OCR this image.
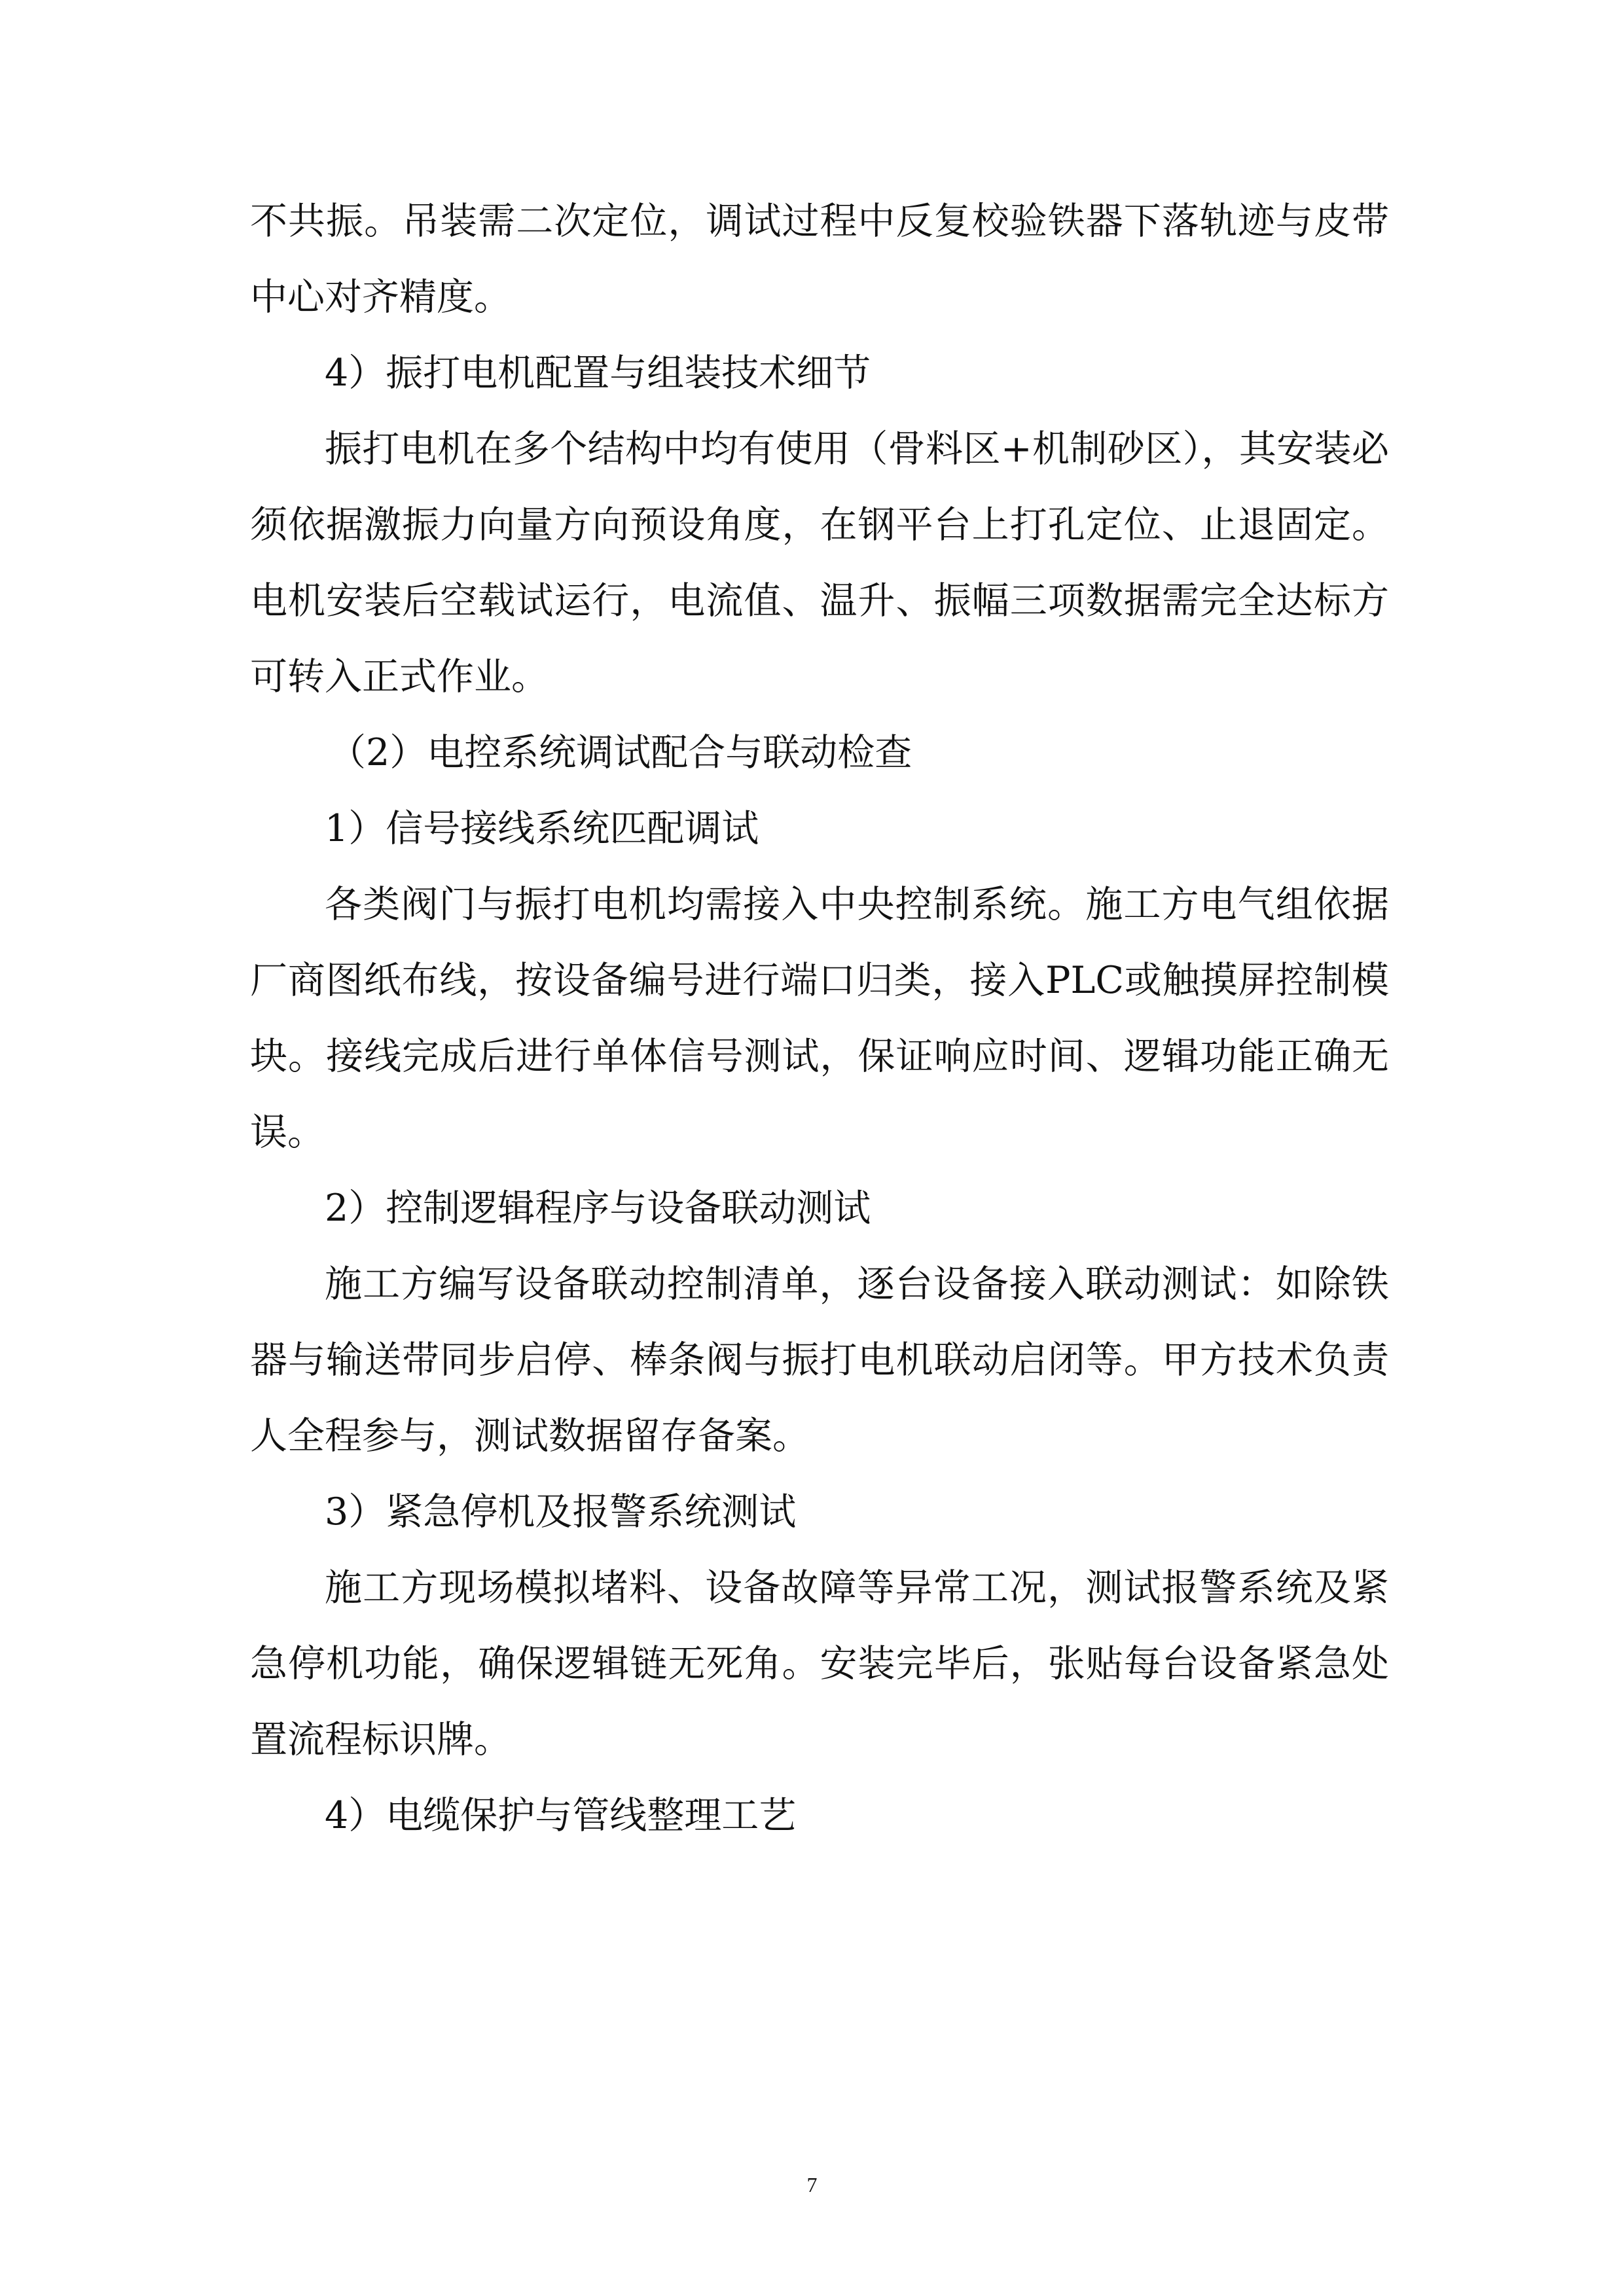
不共振。吊装需二次定位，调试过程中反复校验铁器下落轨迹与皮带中心对齐精度。

4）振打电机配置与组装技术细节

振打电机在多个结构中均有使用（骨料区+机制砂区），其安装必须依据激振力向量方向预设角度，在钢平台上打孔定位、止退固定。电机安装后空载试运行，电流值、温升、振幅三项数据需完全达标方可转入正式作业。

（2）电控系统调试配合与联动检查

1）信号接线系统匹配调试

各类阀门与振打电机均需接入中央控制系统。施工方电气组依据厂商图纸布线，按设备编号进行端口归类，接入PLC或触摸屏控制模块。接线完成后进行单体信号测试，保证响应时间、逻辑功能正确无误。

2）控制逻辑程序与设备联动测试

施工方编写设备联动控制清单，逐台设备接入联动测试：如除铁器与输送带同步启停、棒条阀与振打电机联动启闭等。甲方技术负责人全程参与，测试数据留存备案。

3）紧急停机及报警系统测试

施工方现场模拟堵料、设备故障等异常工况，测试报警系统及紧急停机功能，确保逻辑链无死角。安装完毕后，张贴每台设备紧急处置流程标识牌。

4）电缆保护与管线整理工艺

7
